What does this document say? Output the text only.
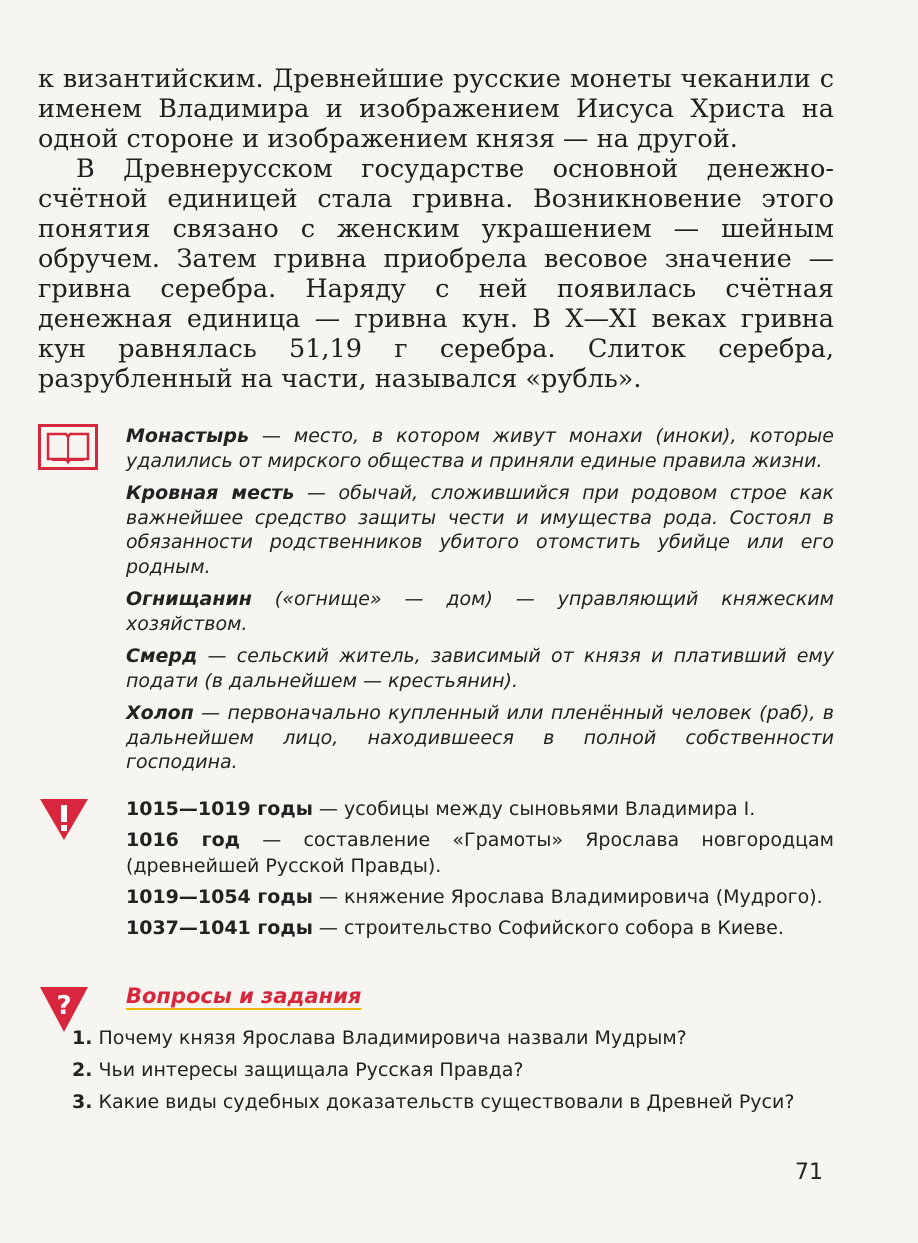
к византийским. Древнейшие русские монеты чеканили с именем Владимира и изображением Иисуса Христа на одной стороне и изображением князя — на другой.

В Древнерусском государстве основной денежно-счётной единицей стала гривна. Возникновение этого понятия связано с женским украшением — шейным обручем. Затем гривна приобрела весовое значение — гривна серебра. Наряду с ней появилась счётная денежная единица — гривна кун. В X—XI веках гривна кун равнялась 51,19 г серебра. Слиток серебра, разрубленный на части, назывался «рубль».

Монастырь — место, в котором живут монахи (иноки), которые удалились от мирского общества и приняли единые правила жизни.
Кровная месть — обычай, сложившийся при родовом строе как важнейшее средство защиты чести и имущества рода. Состоял в обязанности родственников убитого отомстить убийце или его родным.
Огнищанин («огнище» — дом) — управляющий княжеским хозяйством.
Смерд — сельский житель, зависимый от князя и плативший ему подати (в дальнейшем — крестьянин).
Холоп — первоначально купленный или пленённый человек (раб), в дальнейшем лицо, находившееся в полной собственности господина.
1015—1019 годы — усобицы между сыновьями Владимира I.
1016 год — составление «Грамоты» Ярослава новгородцам (древнейшей Русской Правды).
1019—1054 годы — княжение Ярослава Владимировича (Мудрого).
1037—1041 годы — строительство Софийского собора в Киеве.
?	Вопросы и задания
1. Почему князя Ярослава Владимировича назвали Мудрым?
2. Чьи интересы защищала Русская Правда?
3. Какие виды судебных доказательств существовали в Древней Руси?
71
